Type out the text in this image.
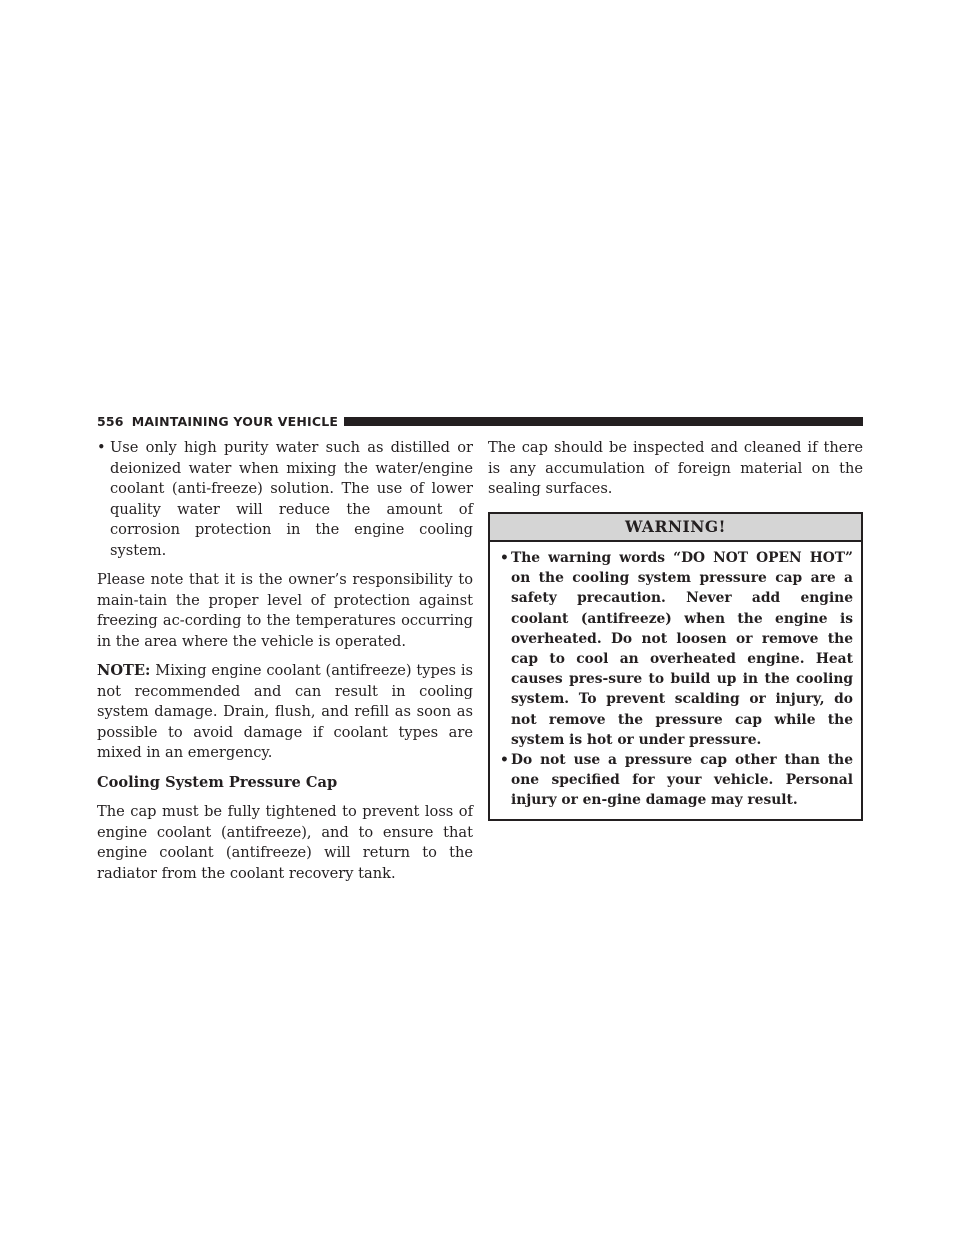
556 MAINTAINING YOUR VEHICLE
• Use only high purity water such as distilled or deionized water when mixing the water/engine coolant (anti-freeze) solution. The use of lower quality water will reduce the amount of corrosion protection in the engine cooling system.

Please note that it is the owner’s responsibility to main-tain the proper level of protection against freezing ac-cording to the temperatures occurring in the area where the vehicle is operated.

NOTE: Mixing engine coolant (antifreeze) types is not recommended and can result in cooling system damage. Drain, flush, and refill as soon as possible to avoid damage if coolant types are mixed in an emergency.

Cooling System Pressure Cap

The cap must be fully tightened to prevent loss of engine coolant (antifreeze), and to ensure that engine coolant (antifreeze) will return to the radiator from the coolant recovery tank.

The cap should be inspected and cleaned if there is any accumulation of foreign material on the sealing surfaces.

WARNING!
• The warning words “DO NOT OPEN HOT” on the cooling system pressure cap are a safety precaution. Never add engine coolant (antifreeze) when the engine is overheated. Do not loosen or remove the cap to cool an overheated engine. Heat causes pres-sure to build up in the cooling system. To prevent scalding or injury, do not remove the pressure cap while the system is hot or under pressure.
• Do not use a pressure cap other than the one specified for your vehicle. Personal injury or en-gine damage may result.
